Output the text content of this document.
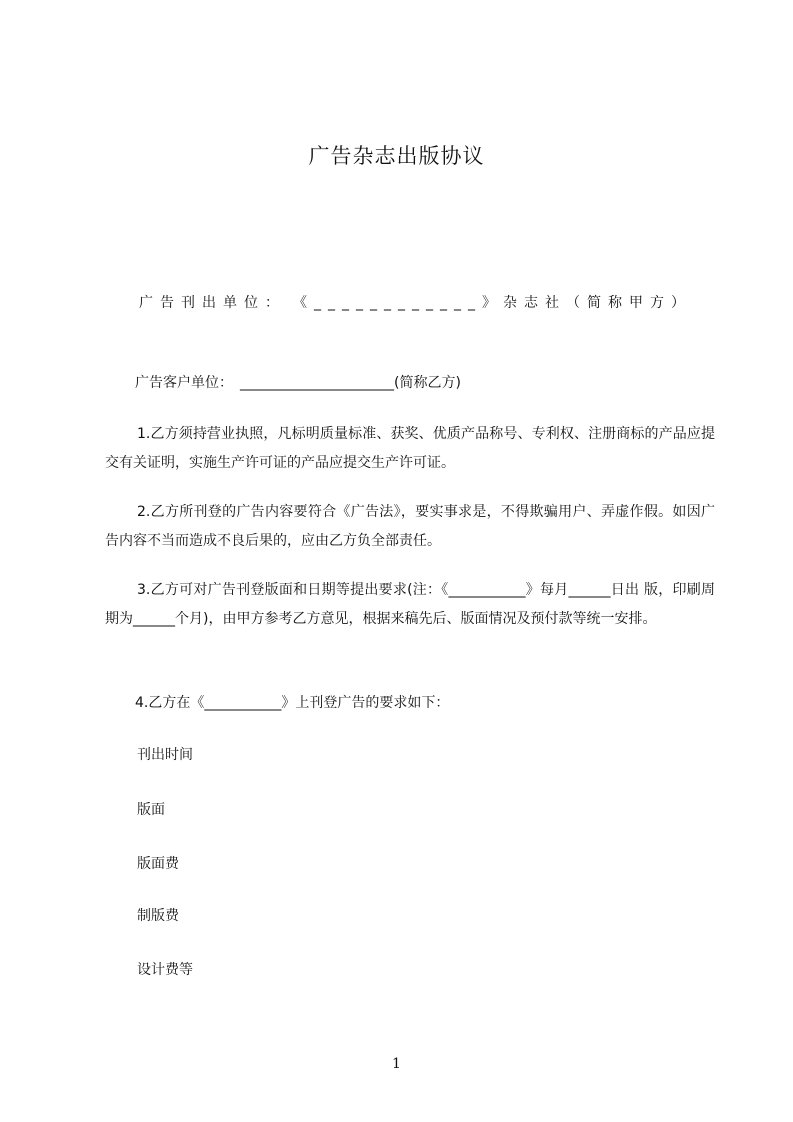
广告杂志出版协议
广告刊出单位：　《____________》杂志社（简称甲方）
广告客户单位：　______________________(简称乙方)

1.乙方须持营业执照，凡标明质量标准、获奖、优质产品称号、专利权、注册商标的产品应提交有关证明，实施生产许可证的产品应提交生产许可证。

2.乙方所刊登的广告内容要符合《广告法》，要实事求是，不得欺骗用户、弄虚作假。如因广告内容不当而造成不良后果的，应由乙方负全部责任。

3.乙方可对广告刊登版面和日期等提出要求(注：《___________》每月______日出 版，印刷周期为______个月)，由甲方参考乙方意见，根据来稿先后、版面情况及预付款等统一安排。

4.乙方在《___________》上刊登广告的要求如下：
刊出时间
版面
版面费
制版费
设计费等
1
